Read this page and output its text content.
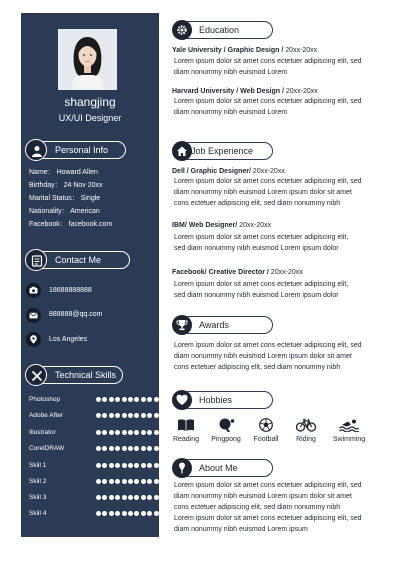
shangjing
UX/UI Designer
Personal Info
Name： Howard Allen
Birthday： 24 Nov 20xx
Marital Status： Single
Nationality： American
Facebook： facebook.com
Contact Me
18688888888
888888@qq.com
Los Angeles
Technical Skills
Photoshop
Adobe After
Illustrator
CorelDRAW
Skill 1
Skill 2
Skill 3
Skill 4
Education
Yale University / Graphic Design / 20xx-20xx
Lorem ipsum dolor sit amet cons ectetuer adipiscing elit, sed
diam nonummy nibh euismod Lorem
Harvard University / Web Design / 20xx-20xx
Lorem ipsum dolor sit amet cons ectetuer adipiscing elit, sed
diam nonummy nibh euismod Lorem
Job Experience
Dell / Graphic Designer/ 20xx-20xx
Lorem ipsum dolor sit amet cons ectetuer adipiscing elit, sed
diam nonummy nibh euismod Lorem ipsum dolor sit amet
cons ectetuer adipiscing elit, sed diam nonummy nibh
IBM/ Web Designer/ 20xx-20xx
Lorem ipsum dolor sit amet cons ectetuer adipiscing elit,
sed diam nonummy nibh euismod Lorem ipsum dolor
Facebook/ Creative Director / 20xx-20xx
Lorem ipsum dolor sit amet cons ectetuer adipiscing elit,
sed diam nonummy nibh euismod Lorem ipsum dolor
Awards
Lorem ipsum dolor sit amet cons ectetuer adipiscing elit, sed
diam nonummy nibh euismod Lorem ipsum dolor sit amet
cons ectetuer adipiscing elit, sed diam nonummy nibh
Hobbies
Reading	Pingpong	Football	Riding	Swimming
About Me
Lorem ipsum dolor sit amet cons ectetuer adipiscing elit, sed
diam nonummy nibh euismod Lorem ipsum dolor sit amet
cons ectetuer adipiscing elit, sed diam nonummy nibh
Lorem ipsum dolor sit amet cons ectetuer adipiscing elit, sed
diam nonummy nibh euismod Lorem ipsum
